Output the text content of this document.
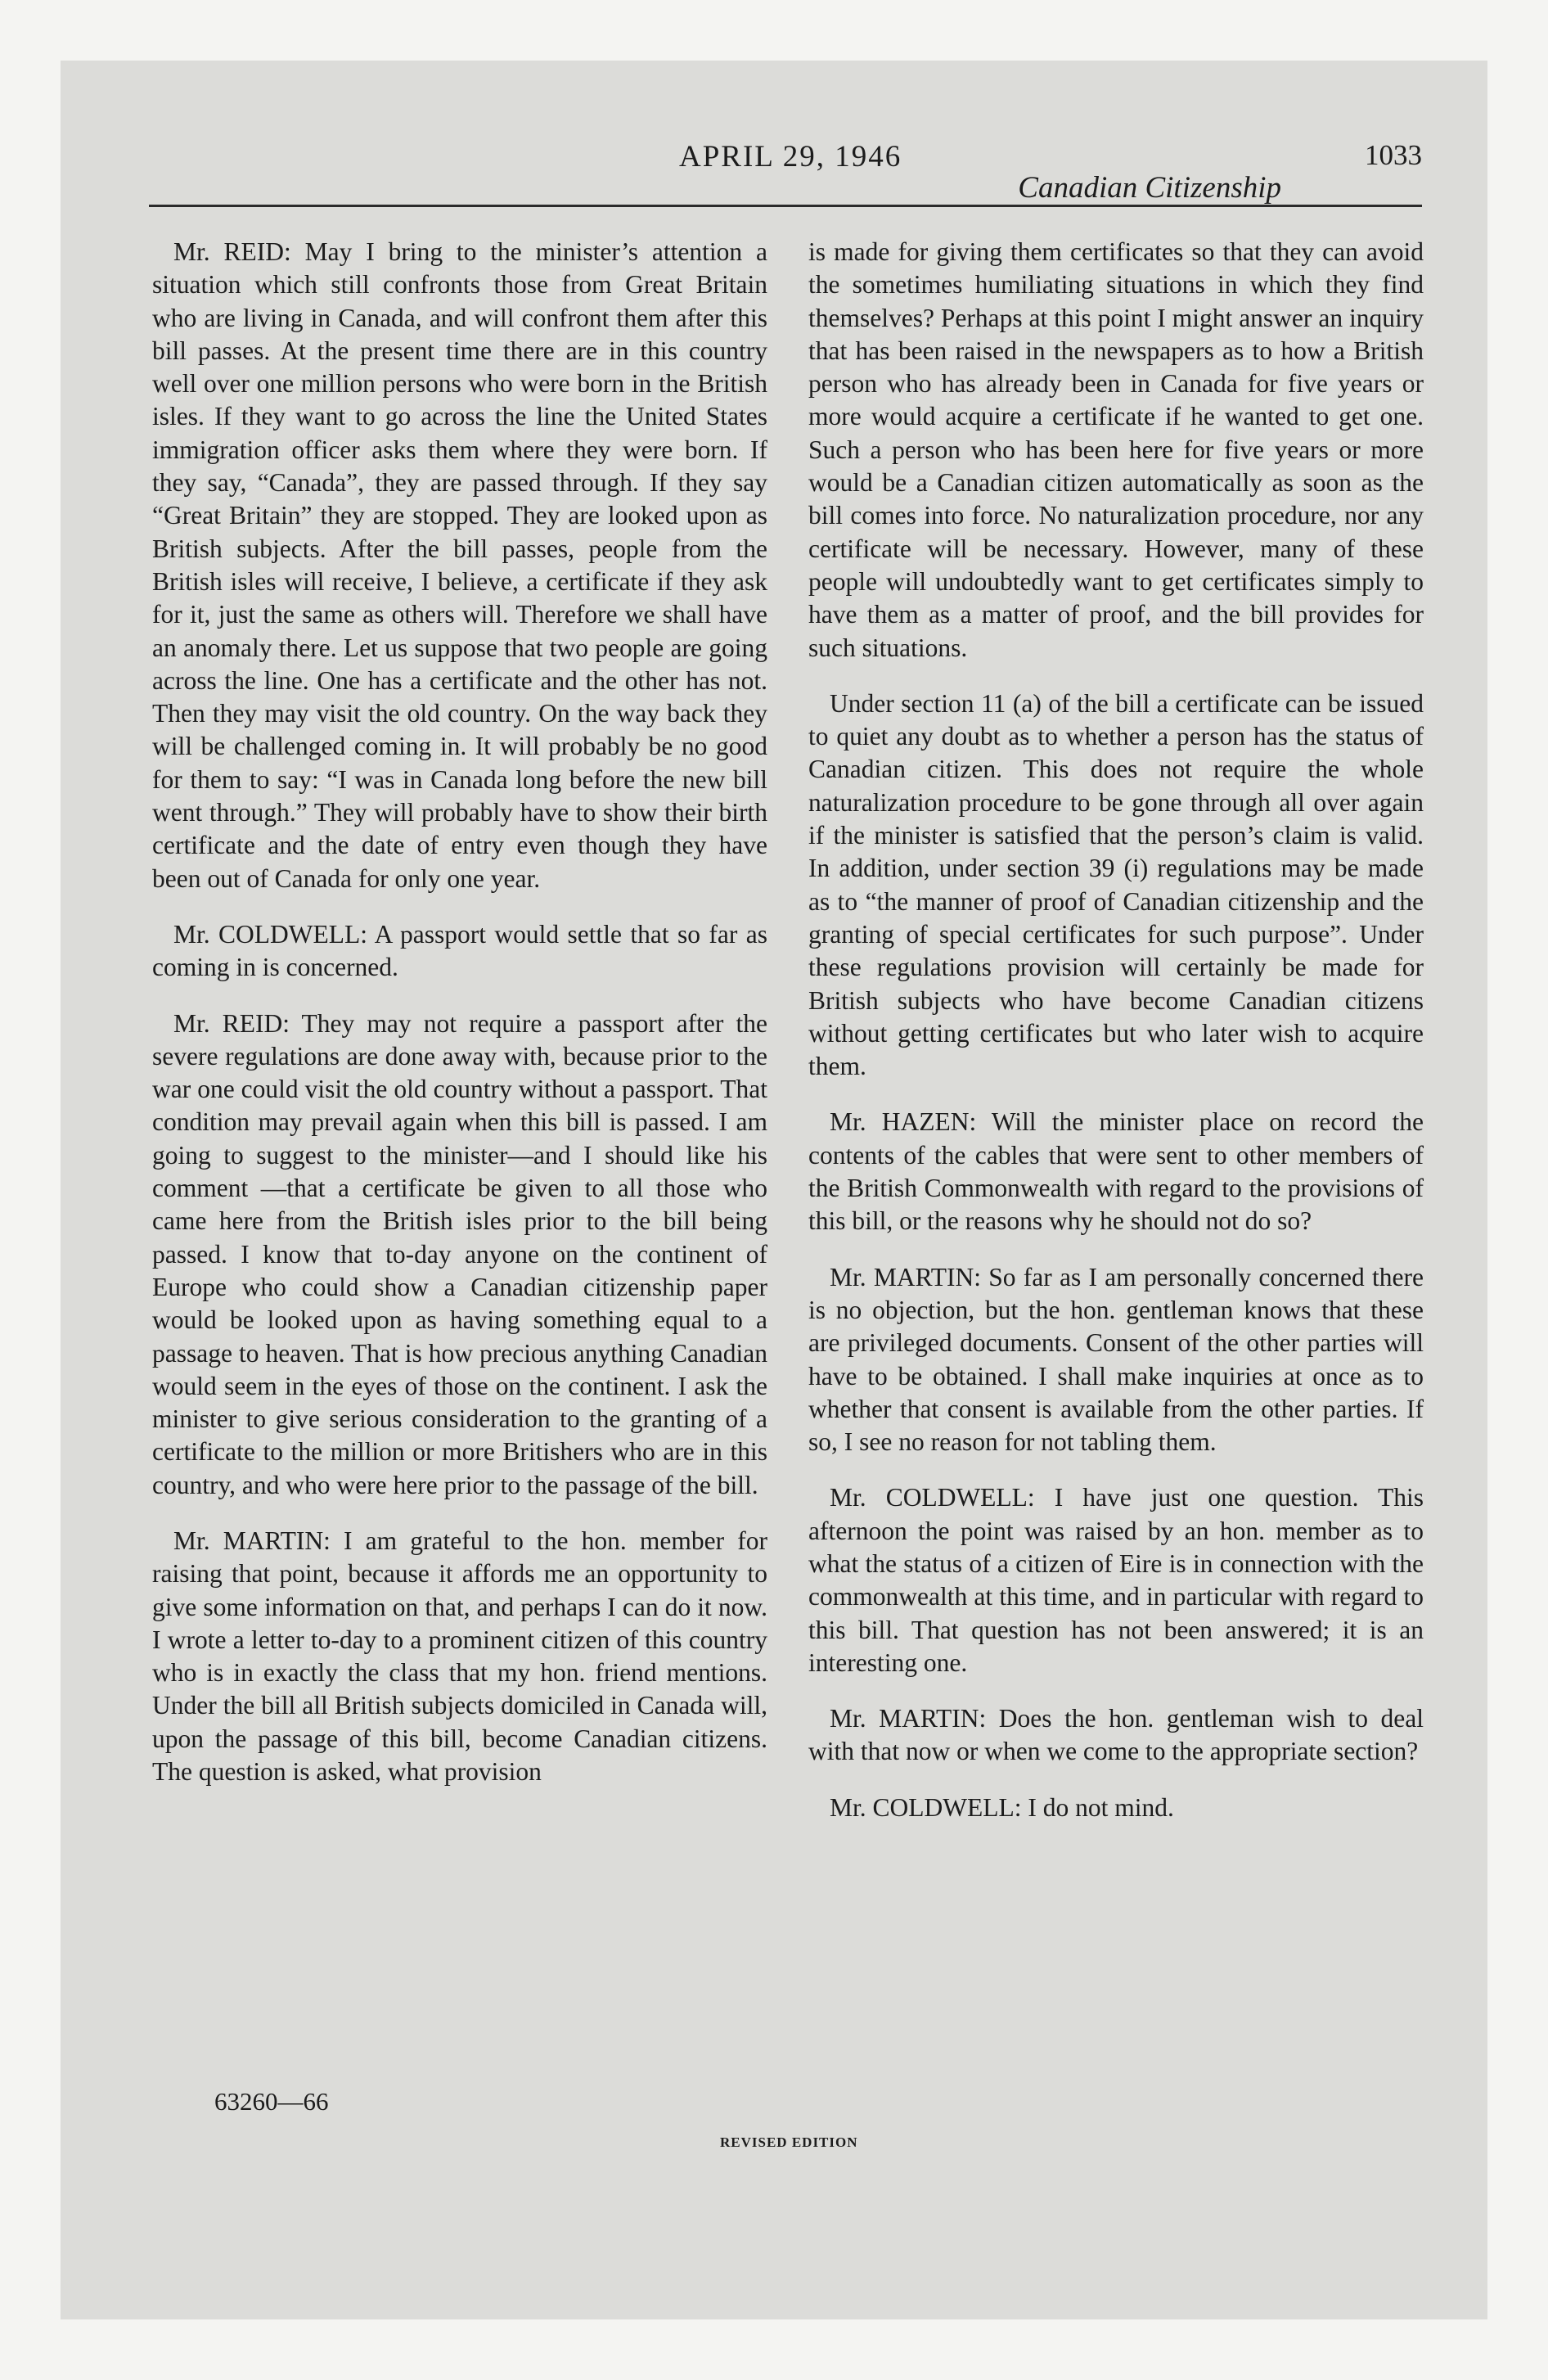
APRIL 29, 1946	1033
Canadian Citizenship

Mr. REID: May I bring to the minister’s attention a situation which still confronts those from Great Britain who are living in Canada, and will confront them after this bill passes. At the present time there are in this country well over one million persons who were born in the British isles. If they want to go across the line the United States immigration officer asks them where they were born. If they say, “Canada”, they are passed through. If they say “Great Britain” they are stopped. They are looked upon as British subjects. After the bill passes, people from the British isles will receive, I believe, a certificate if they ask for it, just the same as others will. Therefore we shall have an anomaly there. Let us suppose that two people are going across the line. One has a certificate and the other has not. Then they may visit the old country. On the way back they will be challenged coming in. It will probably be no good for them to say: “I was in Canada long before the new bill went through.” They will probably have to show their birth certificate and the date of entry even though they have been out of Canada for only one year.

Mr. COLDWELL: A passport would settle that so far as coming in is concerned.

Mr. REID: They may not require a passport after the severe regulations are done away with, because prior to the war one could visit the old country without a passport. That condition may prevail again when this bill is passed. I am going to suggest to the minister—and I should like his comment —that a certificate be given to all those who came here from the British isles prior to the bill being passed. I know that to-day anyone on the continent of Europe who could show a Canadian citizenship paper would be looked upon as having something equal to a passage to heaven. That is how precious anything Canadian would seem in the eyes of those on the continent. I ask the minister to give serious consideration to the granting of a certificate to the million or more Britishers who are in this country, and who were here prior to the passage of the bill.

Mr. MARTIN: I am grateful to the hon. member for raising that point, because it affords me an opportunity to give some information on that, and perhaps I can do it now. I wrote a letter to-day to a prominent citizen of this country who is in exactly the class that my hon. friend mentions. Under the bill all British subjects domiciled in Canada will, upon the passage of this bill, become Canadian citizens. The question is asked, what provision

is made for giving them certificates so that they can avoid the sometimes humiliating situations in which they find themselves? Perhaps at this point I might answer an inquiry that has been raised in the newspapers as to how a British person who has already been in Canada for five years or more would acquire a certificate if he wanted to get one. Such a person who has been here for five years or more would be a Canadian citizen automatically as soon as the bill comes into force. No naturalization procedure, nor any certificate will be necessary. However, many of these people will undoubtedly want to get certificates simply to have them as a matter of proof, and the bill provides for such situations.

Under section 11 (a) of the bill a certificate can be issued to quiet any doubt as to whether a person has the status of Canadian citizen. This does not require the whole naturalization procedure to be gone through all over again if the minister is satisfied that the person’s claim is valid. In addition, under section 39 (i) regulations may be made as to “the manner of proof of Canadian citizenship and the granting of special certificates for such purpose”. Under these regulations provision will certainly be made for British subjects who have become Canadian citizens without getting certificates but who later wish to acquire them.

Mr. HAZEN: Will the minister place on record the contents of the cables that were sent to other members of the British Commonwealth with regard to the provisions of this bill, or the reasons why he should not do so?

Mr. MARTIN: So far as I am personally concerned there is no objection, but the hon. gentleman knows that these are privileged documents. Consent of the other parties will have to be obtained. I shall make inquiries at once as to whether that consent is available from the other parties. If so, I see no reason for not tabling them.

Mr. COLDWELL: I have just one question. This afternoon the point was raised by an hon. member as to what the status of a citizen of Eire is in connection with the commonwealth at this time, and in particular with regard to this bill. That question has not been answered; it is an interesting one.

Mr. MARTIN: Does the hon. gentleman wish to deal with that now or when we come to the appropriate section?

Mr. COLDWELL: I do not mind.

63260—66
REVISED EDITION
